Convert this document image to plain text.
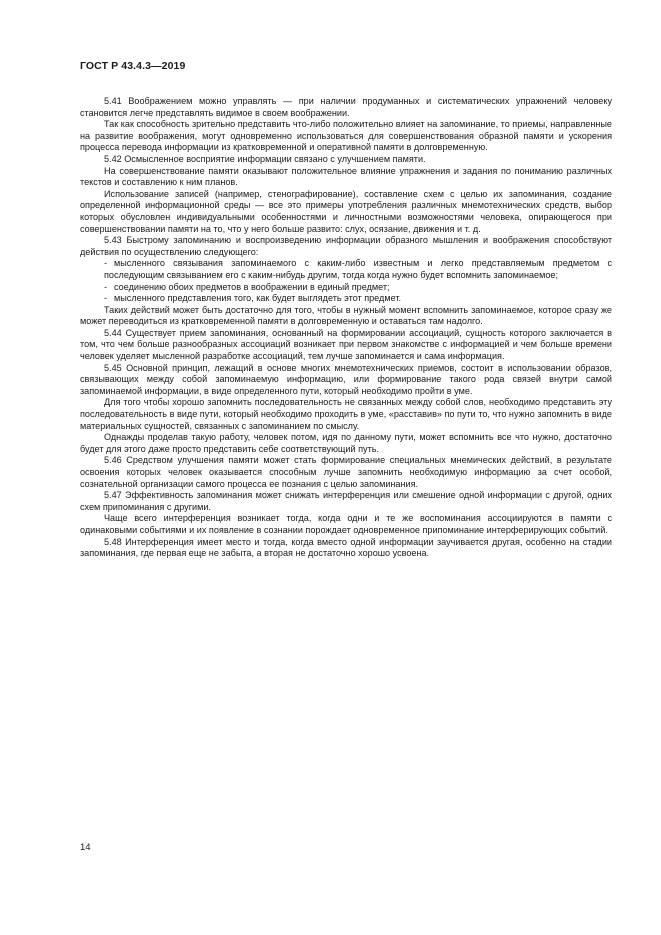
ГОСТ Р 43.4.3—2019

5.41 Воображением можно управлять — при наличии продуманных и систематических упражнений человеку становится легче представлять видимое в своем воображении.

Так как способность зрительно представить что-либо положительно влияет на запоминание, то приемы, направленные на развитие воображения, могут одновременно использоваться для совершенствования образной памяти и ускорения процесса перевода информации из кратковременной и оперативной памяти в долговременную.

5.42 Осмысленное восприятие информации связано с улучшением памяти.

На совершенствование памяти оказывают положительное влияние упражнения и задания по пониманию различных текстов и составлению к ним планов.

Использование записей (например, стенографирование), составление схем с целью их запоминания, создание определенной информационной среды — все это примеры употребления различных мнемотехнических средств, выбор которых обусловлен индивидуальными особенностями и личностными возможностями человека, опирающегося при совершенствовании памяти на то, что у него больше развито: слух, осязание, движения и т. д.

5.43 Быстрому запоминанию и воспроизведению информации образного мышления и воображения способствуют действия по осуществлению следующего:

- мысленного связывания запоминаемого с каким-либо известным и легко представляемым предметом с последующим связыванием его с каким-нибудь другим, тогда когда нужно будет вспомнить запоминаемое;

- соединению обоих предметов в воображении в единый предмет;

- мысленного представления того, как будет выглядеть этот предмет.

Таких действий может быть достаточно для того, чтобы в нужный момент вспомнить запоминаемое, которое сразу же может переводиться из кратковременной памяти в долговременную и оставаться там надолго.

5.44 Существует прием запоминания, основанный на формировании ассоциаций, сущность которого заключается в том, что чем больше разнообразных ассоциаций возникает при первом знакомстве с информацией и чем больше времени человек уделяет мысленной разработке ассоциаций, тем лучше запоминается и сама информация.

5.45 Основной принцип, лежащий в основе многих мнемотехнических приемов, состоит в использовании образов, связывающих между собой запоминаемую информацию, или формирование такого рода связей внутри самой запоминаемой информации, в виде определенного пути, который необходимо пройти в уме.

Для того чтобы хорошо запомнить последовательность не связанных между собой слов, необходимо представить эту последовательность в виде пути, который необходимо проходить в уме, «расставив» по пути то, что нужно запомнить в виде материальных сущностей, связанных с запоминанием по смыслу.

Однажды проделав такую работу, человек потом, идя по данному пути, может вспомнить все что нужно, достаточно будет для этого даже просто представить себе соответствующий путь.

5.46 Средством улучшения памяти может стать формирование специальных мнемических действий, в результате освоения которых человек оказывается способным лучше запомнить необходимую информацию за счет особой, сознательной организации самого процесса ее познания с целью запоминания.

5.47 Эффективность запоминания может снижать интерференция или смешение одной информации с другой, одних схем припоминания с другими.

Чаще всего интерференция возникает тогда, когда одни и те же воспоминания ассоциируются в памяти с одинаковыми событиями и их появление в сознании порождает одновременное припоминание интерферирующих событий.

5.48 Интерференция имеет место и тогда, когда вместо одной информации заучивается другая, особенно на стадии запоминания, где первая еще не забыта, а вторая не достаточно хорошо усвоена.

14
